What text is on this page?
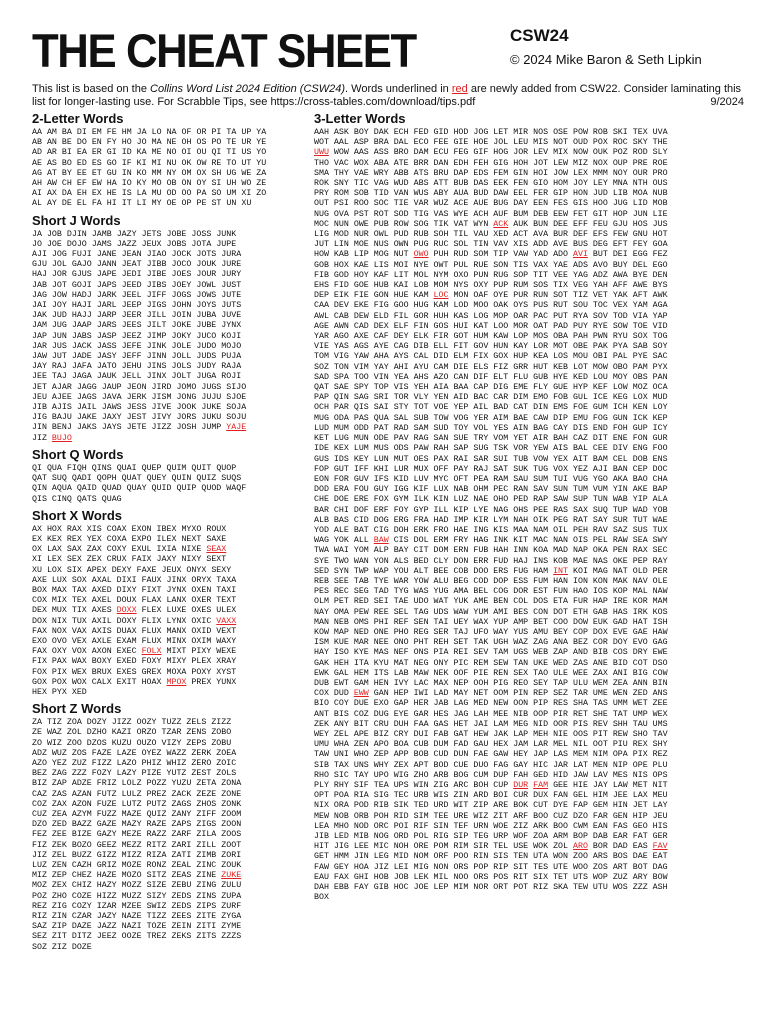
THE CHEAT SHEET	CSW24
© 2024 Mike Baron & Seth Lipkin
This list is based on the Collins Word List 2024 Edition (CSW24). Words underlined in red are newly added from CSW22. Consider laminating this list for longer-lasting use. For Scrabble Tips, see https://cross-tables.com/download/tips.pdf	9/2024
2-Letter Words
AA AM BA DI EM FE HM JA LO NA OF OR PI TA UP YA
AB AN BE DO EN FY HO JO MA NE OH OS PO TE UR YE
AD AR BI EA ER GI ID KA ME NO OI OU QI TI US YO
AE AS BO ED ES GO IF KI MI NU OK OW RE TO UT YU
AG AT BY EE ET GU IN KO MM NY OM OX SH UG WE ZA
AH AW CH EF EW HA IO KY MO OB ON OY SI UH WO ZE
AI AX DA EH EX HE IS LA MU OD OO PA SO UM XI ZO
AL AY DE EL FA HI IT LI MY OE OP PE ST UN XU
Short J Words
JA JOB DJIN JAMB JAZY JETS JOBE JOSS JUNK
JO JOE DOJO JAMS JAZZ JEUX JOBS JOTA JUPE
AJI JOG FUJI JANE JEAN JIAO JOCK JOTS JURA
GJU JOL GAJO JANN JEAT JIBB JOCO JOUK JURE
HAJ JOR GJUS JAPE JEDI JIBE JOES JOUR JURY
JAB JOT GOJI JAPS JEED JIBS JOEY JOWL JUST
JAG JOW HADJ JARK JEEL JIFF JOGS JOWS JUTE
JAI JOY HAJI JARL JEEP JIGS JOHN JOYS JUTS
JAK JUD HAJJ JARP JEER JILL JOIN JUBA JUVE
JAM JUG JAAP JARS JEES JILT JOKE JUBE JYNX
JAP JUN JABS JASP JEEZ JIMP JOKY JUCO KOJI
JAR JUS JACK JASS JEFE JINK JOLE JUDO MOJO
JAW JUT JADE JASY JEFF JINN JOLL JUDS PUJA
JAY RAJ JAFA JATO JEHU JINS JOLS JUDY RAJA
JEE TAJ JAGA JAUK JELL JINX JOLT JUGA ROJI
JET AJAR JAGG JAUP JEON JIRD JOMO JUGS SIJO
JEU AJEE JAGS JAVA JERK JISM JONG JUJU SJOE
JIB AJIS JAIL JAWS JESS JIVE JOOK JUKE SOJA
JIG BAJU JAKE JAXY JEST JIVY JORS JUKU SOJU
JIN BENJ JAKS JAYS JETE JIZZ JOSH JUMP YAJE
JIZ BUJO
Short Q Words
QI QUA FIQH QINS QUAI QUEP QUIM QUIT QUOP
QAT SUQ QADI QOPH QUAT QUEY QUIN QUIZ SUQS
QIN AQUA QAID QUAD QUAY QUID QUIP QUOD WAQF
QIS CINQ QATS QUAG
Short X Words
AX HOX RAX XIS COAX EXON IBEX MYXO ROUX
EX KEX REX YEX COXA EXPO ILEX NEXT SAXE
OX LAX SAX ZAX COXY EXUL IXIA NIXE SEAX
XI LEX SEX ZEX CRUX FAIX JAXY NIXY SEXT
XU LOX SIX APEX DEXY FAXE JEUX ONYX SEXY
AXE LUX SOX AXAL DIXI FAUX JINX ORYX TAXA
BOX MAX TAX AXED DIXY FIXT JYNX OXEN TAXI
COX MIX TEX AXEL DOUX FLAX LANX OXER TEXT
DEX MUX TIX AXES DOXX FLEX LUXE OXES ULEX
DOX NIX TUX AXIL DOXY FLIX LYNX OXIC VAXX
FAX NOX VAX AXIS DUAX FLUX MANX OXID VEXT
EXO OVO VEX AXLE EXAM FLUX MINX OXIM WAXY
FAX OXY VOX AXON EXEC FOLX MIXT PIXY WEXE
FIX PAX WAX BOXY EXED FOXY MIXY PLEX XRAY
FOX PIX WEX BRUX EXES GREX MOXA POXY XYST
GOX POX WOX CALX EXIT HOAX MPOX PREX YUNX
HEX PYX XED
Short Z Words
ZA TIZ ZOA DOZY JIZZ OOZY TUZZ ZELS ZIZZ
ZE WAZ ZOL DZHO KAZI ORZO TZAR ZENS ZOBO
ZO WIZ ZOO DZOS KUZU OUZO VIZY ZEPS ZOBU
ADZ WUZ ZOS FAZE LAZE OYEZ WAZZ ZERK ZOEA
AZO YEZ ZUZ FIZZ LAZO PHIZ WHIZ ZERO ZOIC
BEZ ZAG ZZZ FOZY LAZY PIZE YUTZ ZEST ZOLS
BIZ ZAP ADZE FRIZ LOLZ POZZ YUZU ZETA ZONA
CAZ ZAS AZAN FUTZ LULZ PREZ ZACK ZEZE ZONE
COZ ZAX AZON FUZE LUTZ PUTZ ZAGS ZHOS ZONK
CUZ ZEA AZYM FUZZ MAZE QUIZ ZANY ZIFF ZOOM
DZO ZED BAZZ GAZE MAZY RAZE ZAPS ZIGS ZOON
FEZ ZEE BIZE GAZY MEZE RAZZ ZARF ZILA ZOOS
FIZ ZEK BOZO GEEZ MEZZ RITZ ZARI ZILL ZOOT
JIZ ZEL BUZZ GIZZ MIZZ RIZA ZATI ZIMB ZORI
LUZ ZEN CAZH GRIZ MOZE RONZ ZEAL ZINC ZOUK
MIZ ZEP CHEZ HAZE MOZO SITZ ZEAS ZINE ZUKE
MOZ ZEX CHIZ HAZY MOZZ SIZE ZEBU ZING ZULU
POZ ZHO COZE HIZZ MUZZ SIZY ZEDS ZINS ZUPA
REZ ZIG COZY IZAR MZEE SWIZ ZEDS ZIPS ZURF
RIZ ZIN CZAR JAZY NAZE TIZZ ZEES ZITE ZYGA
SAZ ZIP DAZE JAZZ NAZI TOZE ZEIN ZITI ZYME
SEZ ZIT DITZ JEEZ OOZE TREZ ZEKS ZITS ZZZS
SOZ ZIZ DOZE
3-Letter Words
AAH ASK BOY DAK ECH FED GID HOD JOG LET MIR NOS OSE POW ROB SKI TEX UVA
WOT AAL ASP BRA DAL ECO FEE GIE HOE JOL LEU MIS NOT OUD POX ROC SKY THE
UWU WOW AAS ASS BRO DAM ECU FEG GIF HOG JOR LEV MIX NOW OUK POZ ROD SLY
THO VAC WOX ABA ATE BRR DAN EDH FEH GIG HOH JOT LEW MIZ NOX OUP PRE ROE
SMA THY VAE WRY ABB ATS BRU DAP EDS FEM GIN HOI JOW LEX MMM NOY OUR PRO
ROK SNY TIC VAG WUD ABS ATT BUB DAS EEK FEN GIO HOM JOY LEY MNA NTH OUS
PRY ROM SOB TID VAN WUS ABY AUA BUD DAW EEL FER GIP HON JUD LIB MOA NUB
OUT PSI ROO SOC TIE VAR WUZ ACE AUE BUG DAY EEN FES GIS HOO JUG LID MOB
NUG OVA PST ROT SOD TIG VAS WYE ACH AUF BUM DEB EEW FET GIT HOP JUN LIE
MOC NUN OWE PUB ROW SOG TIK VAT WYN ACK AUK BUN DEE EFF FEU GJU HOS JUS
LIG MOD NUR OWL PUD RUB SOH TIL VAU XED ACT AVA BUR DEF EFS FEW GNU HOT
JUT LIN MOE NUS OWN PUG RUC SOL TIN VAV XIS ADD AVE BUS DEG EFT FEY GOA
HOW KAB LIP MOG NUT OWO PUH RUD SOM TIP VAW YAD ADO AVI BUT DEI EGG FEZ
GOB HOX KAE LIS MOI NYE OWT PUL RUE SON TIS VAX YAE ADS AVO BUY DEL EGO
FIB GOD HOY KAF LIT MOL NYM OXO PUN RUG SOP TIT VEE YAG ADZ AWA BYE DEN
EHS FID GOE HUB KAI LOB MOM NYS OXY PUP RUM SOS TIX VEG YAH AFF AWE BYS
DEP EIK FIE GON HUE KAM LOC MON OAF OYE PUR RUN SOT TIZ VET YAK AFT AWK
CAA DEV EKE FIG GOO HUG KAM LOD MOO OAK OYS PUS RUT SOU TOC VEX YAM AGA
AWL CAB DEW ELD FIL GOR HUH KAS LOG MOP OAR PAC PUT RYA SOV TOD VIA YAP
AGE AWN CAD DEX ELF FIN GOS HUI KAT LOO MOR OAT PAD PUY RYE SOW TOE VID
YAR AGO AXE CAF DEY ELK FIR GOT HUM KAW LOP MOS OBA PAH PWN RYU SOX TOG
VIE YAS AGS AYE CAG DIB ELL FIT GOV HUN KAY LOR MOT OBE PAK PYA SAB SOY
TOM VIG YAW AHA AYS CAL DID ELM FIX GOX HUP KEA LOS MOU OBI PAL PYE SAC
SOZ TON VIM YAY AHI AYU CAM DIE ELS FIZ GRR HUT KEB LOT MOW OBO PAM PYX
SAD SPA TOO VIN YEA AHS AZO CAN DIF ELT FLU GUB HYE KED LOU MOY OBS PAN
QAT SAE SPY TOP VIS YEH AIA BAA CAP DIG EME FLY GUE HYP KEF LOW MOZ OCA
PAP QIN SAG SRI TOR VLY YEN AID BAC CAR DIM EMO FOB GUL ICE KEG LOX MUD
OCH PAR QIS SAI STY TOT VOE YEP AIL BAD CAT DIN EMS FOE GUM ICH KEN LOY
MUG ODA PAS QUA SAL SUB TOW VOG YER AIM BAE CAW DIP EMU FOG GUN ICK KEP
LUD MUM ODD PAT RAD SAM SUD TOY VOL YES AIN BAG CAY DIS END FOH GUP ICY
KET LUG MUN ODE PAV RAG SAN SUE TRY VOM YET AIR BAH CAZ DIT ENE FON GUR
IDE KEX LUM MUS ODS PAW RAH SAP SUG TSK VOR YEW AIS BAL CEE DIV ENG FOO
GUS IDS KEY LUN MUT OES PAX RAI SAR SUI TUB VOW YEX AIT BAM CEL DOB ENS
FOP GUT IFF KHI LUR MUX OFF PAY RAJ SAT SUK TUG VOX YEZ AJI BAN CEP DOC
EON FOR GUV IFS KID LUV MYC OFT PEA RAM SAU SUM TUI VUG YGO AKA BAO CHA
DOD ERA FOU GUY IGG KIF LUX NAB OHM PEC RAN SAV SUN TUM VUM YIN AKE BAP
CHE DOE ERE FOX GYM ILK KIN LUZ NAE OHO PED RAP SAW SUP TUN WAB YIP ALA
BAR CHI DOF ERF FOY GYP ILL KIP LYE NAG OHS PEE RAS SAX SUQ TUP WAD YOB
ALB BAS CID DOG ERG FRA HAD IMP KIR LYM NAH OIK PEG RAT SAY SUR TUT WAE
YOD ALE BAT CIG DOH ERK FRO HAE ING KIS MAA NAM OIL PEH RAV SAZ SUS TUX
WAG YOK ALL BAW CIS DOL ERM FRY HAG INK KIT MAC NAN OIS PEL RAW SEA SWY
TWA WAI YOM ALP BAY CIT DOM ERN FUB HAH INN KOA MAD NAP OKA PEN RAX SEC
SYE TWO WAN YON ALS BED CLY DON ERR FUD HAJ INS KOB MAE NAS OKE PEP RAY
SED SYN TWP WAP YOU ALT BEE COB DOO ERS FUG HAM INT KOI MAG NAT OLD PER
REB SEE TAB TYE WAR YOW ALU BEG COD DOP ESS FUM HAN ION KON MAK NAV OLE
PES REC SEG TAD TYG WAS YUG AMA BEL COG DOR EST FUN HAO IOS KOP MAL NAW
OLM PET RED SEI TAE UDO WAT YUK AME BEN COL DOS ETA FUR HAP IRE KOR MAM
NAY OMA PEW REE SEL TAG UDS WAW YUM AMI BES CON DOT ETH GAB HAS IRK KOS
MAN NEB OMS PHI REF SEN TAI UEY WAX YUP AMP BET COO DOW EUK GAD HAT ISH
KOW MAP NED ONE PHO REG SER TAJ UFO WAY YUS AMU BEY COP DOX EVE GAE HAW
ISM KUE MAR NEE ONO PHT REH SET TAK UGH WAZ ZAG ANA BEZ COR DOY EVO GAG
HAY ISO KYE MAS NEF ONS PIA REI SEV TAM UGS WEB ZAP AND BIB COS DRY EWE
GAK HEH ITA KYU MAT NEG ONY PIC REM SEW TAN UKE WED ZAS ANE BID COT DSO
EWK GAL HEM ITS LAB MAW NEK OOF PIE REN SEX TAO ULE WEE ZAX ANI BIG COW
DUB EWT GAM HEN IVY LAC MAX NEP OOH PIG REO SEY TAP ULU WEM ZEA ANN BIN
COX DUD EWW GAN HEP IWI LAD MAY NET OOM PIN REP SEZ TAR UME WEN ZED ANS
BIO COY DUE EXO GAP HER JAB LAG MED NEW OON PIP RES SHA TAS UMM WET ZEE
ANT BIS COZ DUG EYE GAR HES JAG LAH MEE NIB OOP PIR RET SHE TAT UMP WEX
ZEK ANY BIT CRU DUH FAA GAS HET JAI LAM MEG NID OOR PIS REV SHH TAU UMS
WEY ZEL APE BIZ CRY DUI FAB GAT HEW JAK LAP MEH NIE OOS PIT REW SHO TAV
UMU WHA ZEN APO BOA CUB DUM FAD GAU HEX JAM LAR MEL NIL OOT PIU REX SHY
TAW UNI WHO ZEP APP BOB CUD DUN FAE GAW HEY JAP LAS MEM NIM OPA PIX REZ
SIB TAX UNS WHY ZEX APT BOD CUE DUO FAG GAY HIC JAR LAT MEN NIP OPE PLU
RHO SIC TAY UPO WIG ZHO ARB BOG CUM DUP FAH GED HID JAW LAV MES NIS OPS
PLY RHY SIF TEA UPS WIN ZIG ARC BOH CUP DUR FAM GEE HIE JAY LAW MET NIT
OPT POA RIA SIG TEC URB WIS ZIN ARD BOI CUR DUX FAN GEL HIM JEE LAX MEU
NIX ORA POD RIB SIK TED URD WIT ZIP ARE BOK CUT DYE FAP GEM HIN JET LAY
MEW NOB ORB POH RID SIM TEE URE WIZ ZIT ARF BOO CUZ DZO FAR GEN HIP JEU
LEA MHO NOD ORC POI RIF SIN TEF URN WOE ZIZ ARK BOO CWM EAN FAS GEO HIS
JIB LED MIB NOG ORD POL RIG SIP TEG URP WOF ZOA ARM BOP DAB EAR FAT GER
HIT JIG LEE MIC NOH ORE POM RIM SIR TEL USE WOK ZOL ARO BOR DAD EAS FAV
GET HMM JIN LEG MID NOM ORF POO RIN SIS TEN UTA WON ZOO ARS BOS DAE EAT
FAW GEY HOA JIZ LEI MIG NON ORS POP RIP SIT TES UTE WOO ZOS ART BOT DAG
EAU FAX GHI HOB JOB LEK MIL NOO ORS POS RIT SIX TET UTS WOP ZUZ ARY BOW
DAH EBB FAY GIB HOC JOE LEP MIM NOR ORT POT RIZ SKA TEW UTU WOS ZZZ ASH
BOX
